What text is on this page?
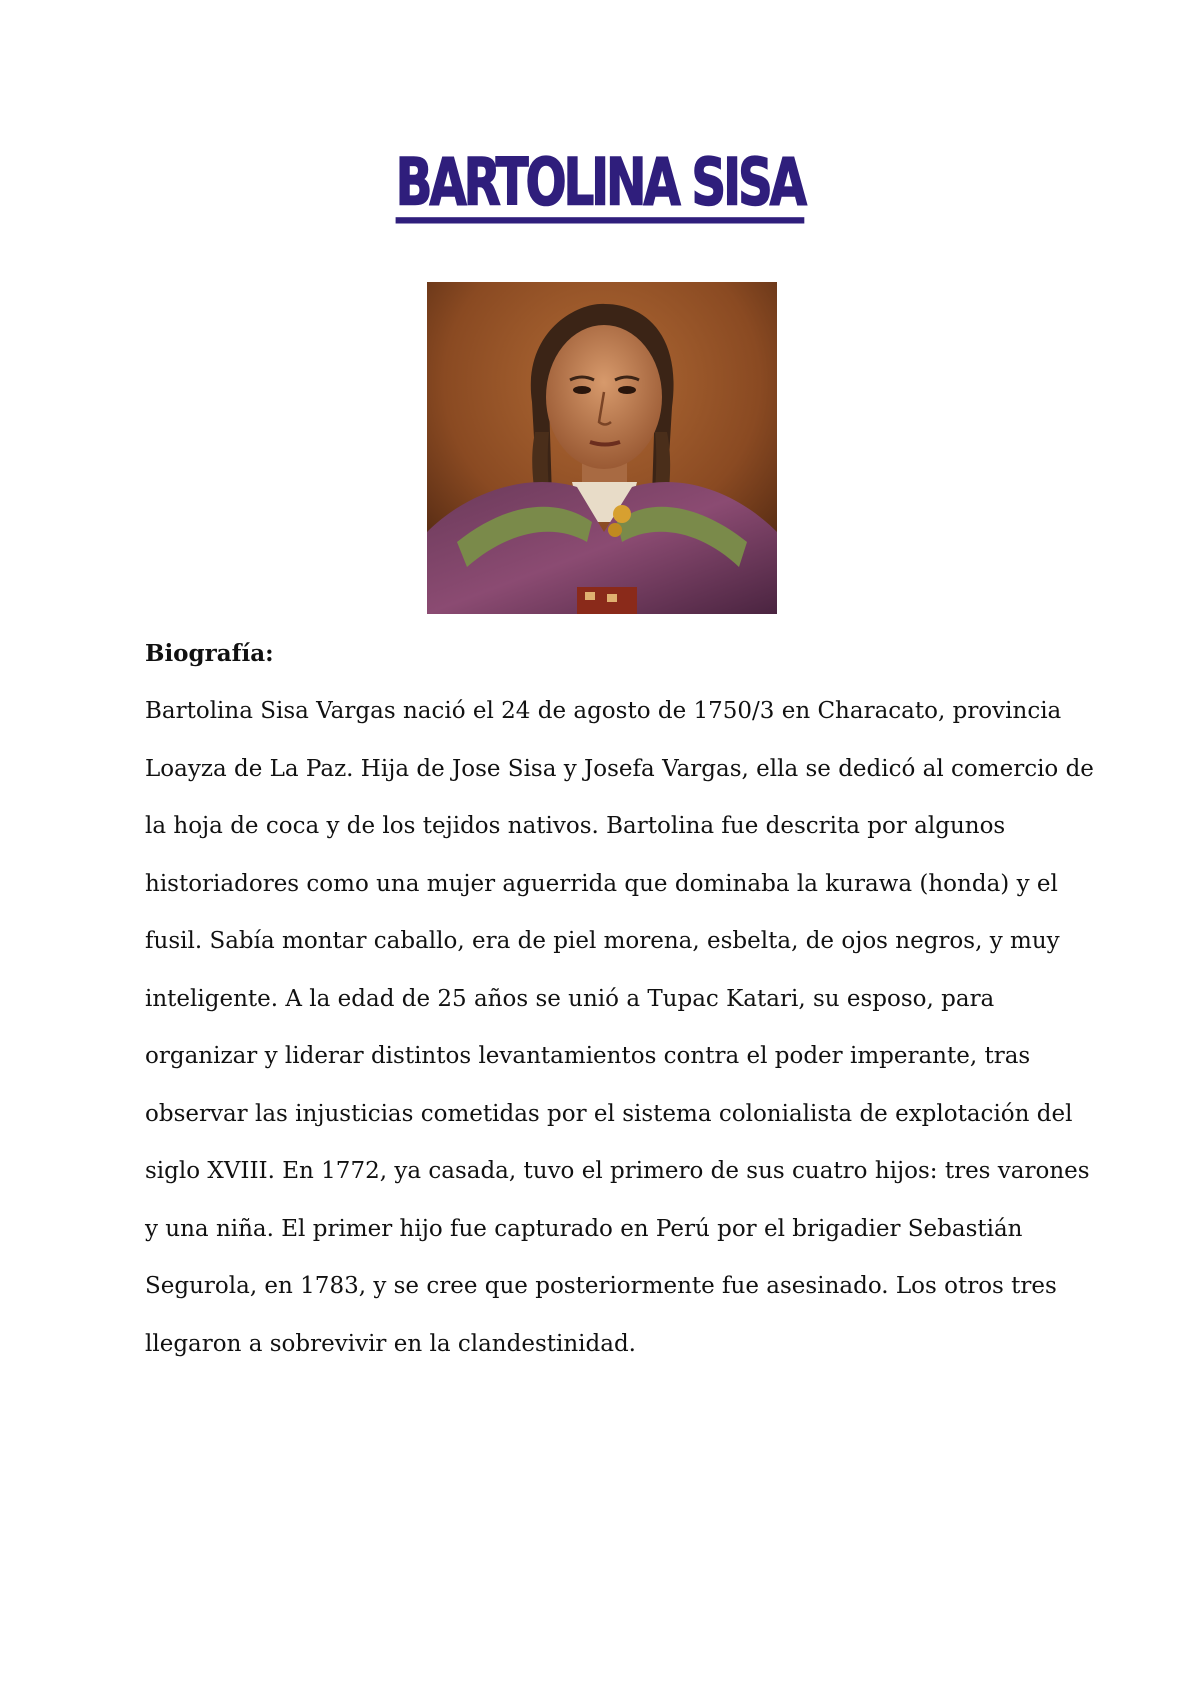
BARTOLINA SISA
Biografía:
Bartolina Sisa Vargas nació el 24 de agosto de 1750/3 en Characato, provincia
Loayza de La Paz. Hija de Jose Sisa y Josefa Vargas, ella se dedicó al comercio de
la hoja de coca y de los tejidos nativos. Bartolina fue descrita por algunos
historiadores como una mujer aguerrida que dominaba la kurawa (honda) y el
fusil. Sabía montar caballo, era de piel morena, esbelta, de ojos negros, y muy
inteligente. A la edad de 25 años se unió a Tupac Katari, su esposo, para
organizar y liderar distintos levantamientos contra el poder imperante, tras
observar las injusticias cometidas por el sistema colonialista de explotación del
siglo XVIII. En 1772, ya casada, tuvo el primero de sus cuatro hijos: tres varones
y una niña. El primer hijo fue capturado en Perú por el brigadier Sebastián
Segurola, en 1783, y se cree que posteriormente fue asesinado. Los otros tres
llegaron a sobrevivir en la clandestinidad.
